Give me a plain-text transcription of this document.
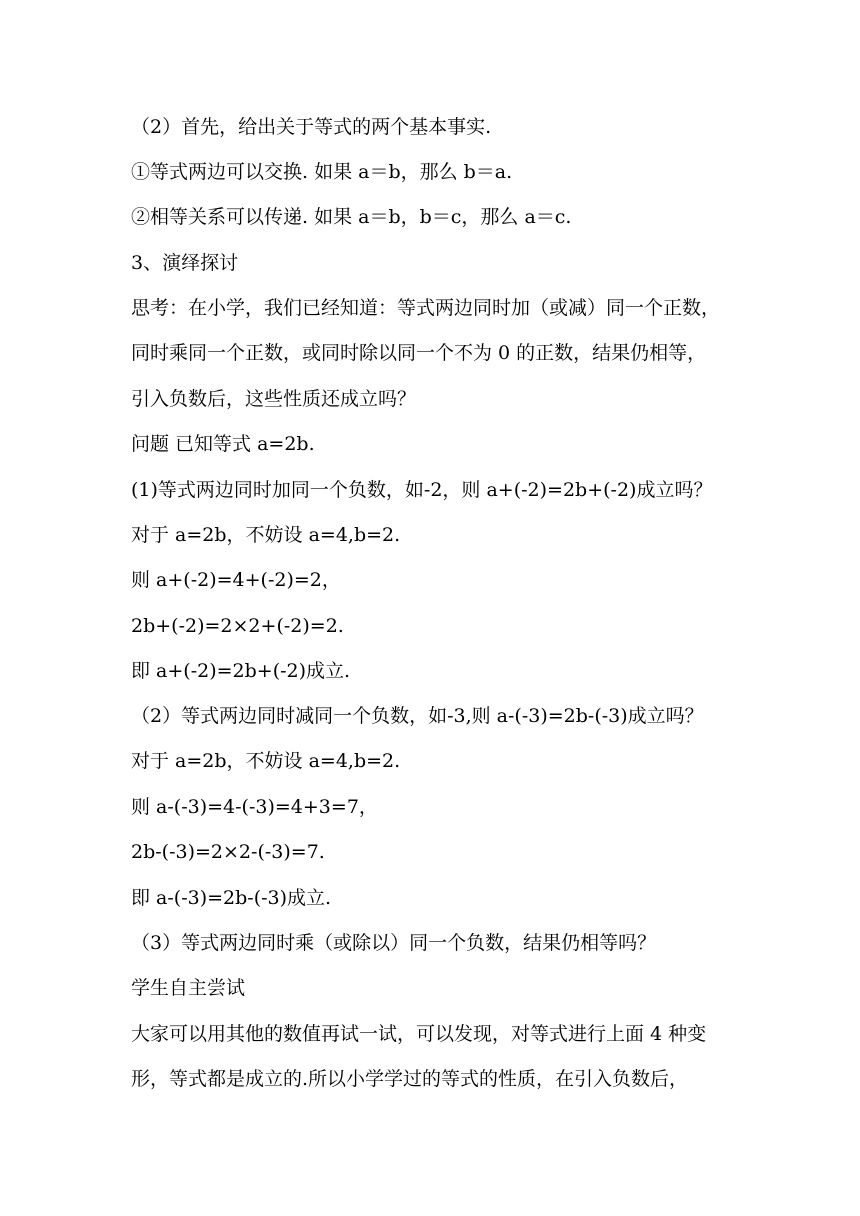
（2）首先，给出关于等式的两个基本事实.
①等式两边可以交换. 如果 a＝b，那么 b＝a.
②相等关系可以传递. 如果 a＝b，b＝c，那么 a＝c.
3、演绎探讨
思考：在小学，我们已经知道：等式两边同时加（或减）同一个正数，
同时乘同一个正数，或同时除以同一个不为 0 的正数，结果仍相等，
引入负数后，这些性质还成立吗？
问题 已知等式 a=2b.
(1)等式两边同时加同一个负数，如-2，则 a+(-2)=2b+(-2)成立吗？
对于 a=2b，不妨设 a=4,b=2.
则 a+(-2)=4+(-2)=2，
2b+(-2)=2×2+(-2)=2.
即 a+(-2)=2b+(-2)成立.
（2）等式两边同时减同一个负数，如-3,则 a-(-3)=2b-(-3)成立吗？
对于 a=2b，不妨设 a=4,b=2.
则 a-(-3)=4-(-3)=4+3=7，
2b-(-3)=2×2-(-3)=7.
即 a-(-3)=2b-(-3)成立.
（3）等式两边同时乘（或除以）同一个负数，结果仍相等吗？
学生自主尝试
大家可以用其他的数值再试一试，可以发现，对等式进行上面 4 种变
形，等式都是成立的.所以小学学过的等式的性质，在引入负数后，
